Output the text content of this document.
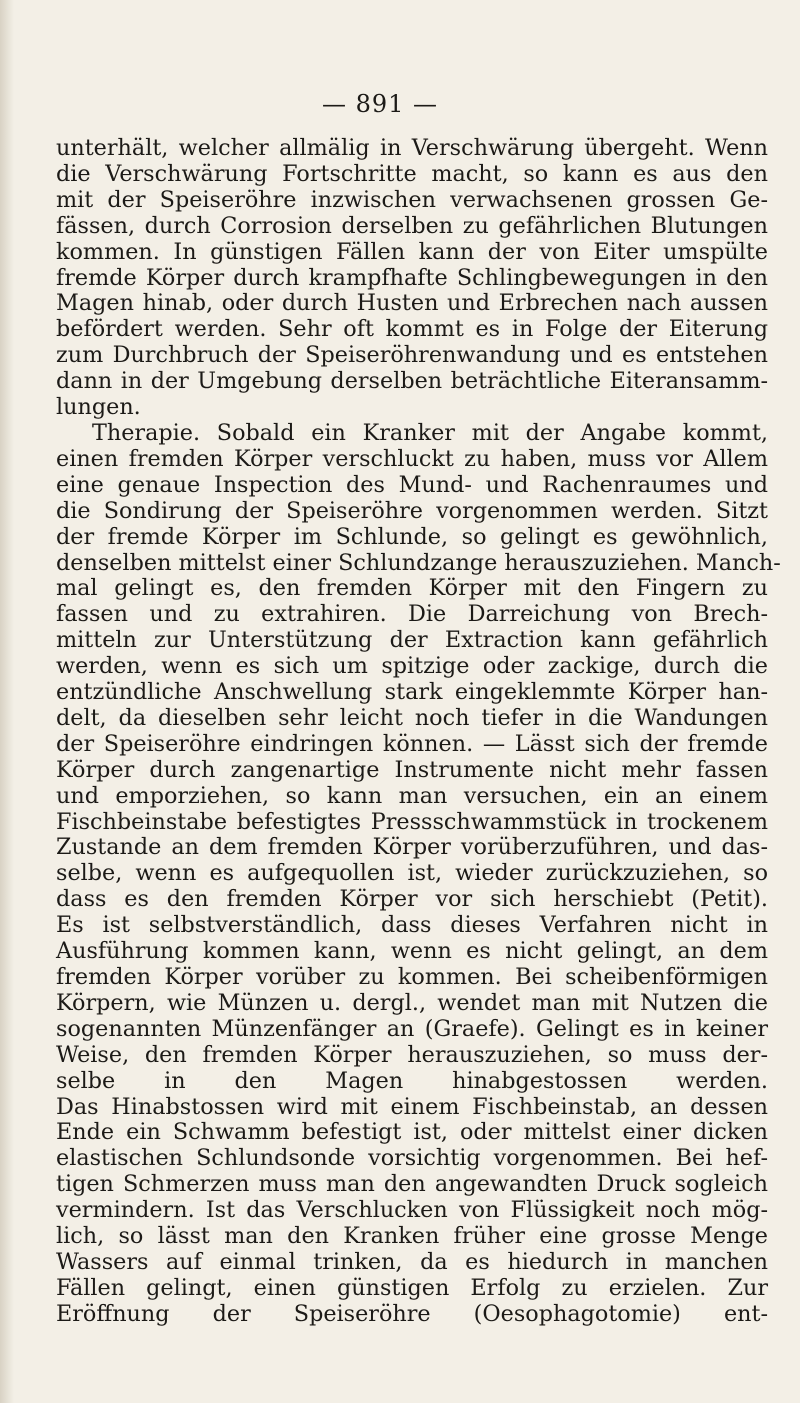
— 891 —
unterhält, welcher allmälig in Verschwärung übergeht. Wenn
die Verschwärung Fortschritte macht, so kann es aus den
mit der Speiseröhre inzwischen verwachsenen grossen Ge-
fässen, durch Corrosion derselben zu gefährlichen Blutungen
kommen. In günstigen Fällen kann der von Eiter umspülte
fremde Körper durch krampfhafte Schlingbewegungen in den
Magen hinab, oder durch Husten und Erbrechen nach aussen
befördert werden. Sehr oft kommt es in Folge der Eiterung
zum Durchbruch der Speiseröhrenwandung und es entstehen
dann in der Umgebung derselben beträchtliche Eiteransamm-
lungen.
Therapie. Sobald ein Kranker mit der Angabe kommt,
einen fremden Körper verschluckt zu haben, muss vor Allem
eine genaue Inspection des Mund- und Rachenraumes und
die Sondirung der Speiseröhre vorgenommen werden. Sitzt
der fremde Körper im Schlunde, so gelingt es gewöhnlich,
denselben mittelst einer Schlundzange herauszuziehen. Manch-
mal gelingt es, den fremden Körper mit den Fingern zu
fassen und zu extrahiren. Die Darreichung von Brech-
mitteln zur Unterstützung der Extraction kann gefährlich
werden, wenn es sich um spitzige oder zackige, durch die
entzündliche Anschwellung stark eingeklemmte Körper han-
delt, da dieselben sehr leicht noch tiefer in die Wandungen
der Speiseröhre eindringen können. — Lässt sich der fremde
Körper durch zangenartige Instrumente nicht mehr fassen
und emporziehen, so kann man versuchen, ein an einem
Fischbeinstabe befestigtes Pressschwammstück in trockenem
Zustande an dem fremden Körper vorüberzuführen, und das-
selbe, wenn es aufgequollen ist, wieder zurückzuziehen, so
dass es den fremden Körper vor sich herschiebt (Petit).
Es ist selbstverständlich, dass dieses Verfahren nicht in
Ausführung kommen kann, wenn es nicht gelingt, an dem
fremden Körper vorüber zu kommen. Bei scheibenförmigen
Körpern, wie Münzen u. dergl., wendet man mit Nutzen die
sogenannten Münzenfänger an (Graefe). Gelingt es in keiner
Weise, den fremden Körper herauszuziehen, so muss der-
selbe in den Magen hinabgestossen werden.
Das Hinabstossen wird mit einem Fischbeinstab, an dessen
Ende ein Schwamm befestigt ist, oder mittelst einer dicken
elastischen Schlundsonde vorsichtig vorgenommen. Bei hef-
tigen Schmerzen muss man den angewandten Druck sogleich
vermindern. Ist das Verschlucken von Flüssigkeit noch mög-
lich, so lässt man den Kranken früher eine grosse Menge
Wassers auf einmal trinken, da es hiedurch in manchen
Fällen gelingt, einen günstigen Erfolg zu erzielen. Zur
Eröffnung der Speiseröhre (Oesophagotomie) ent-
